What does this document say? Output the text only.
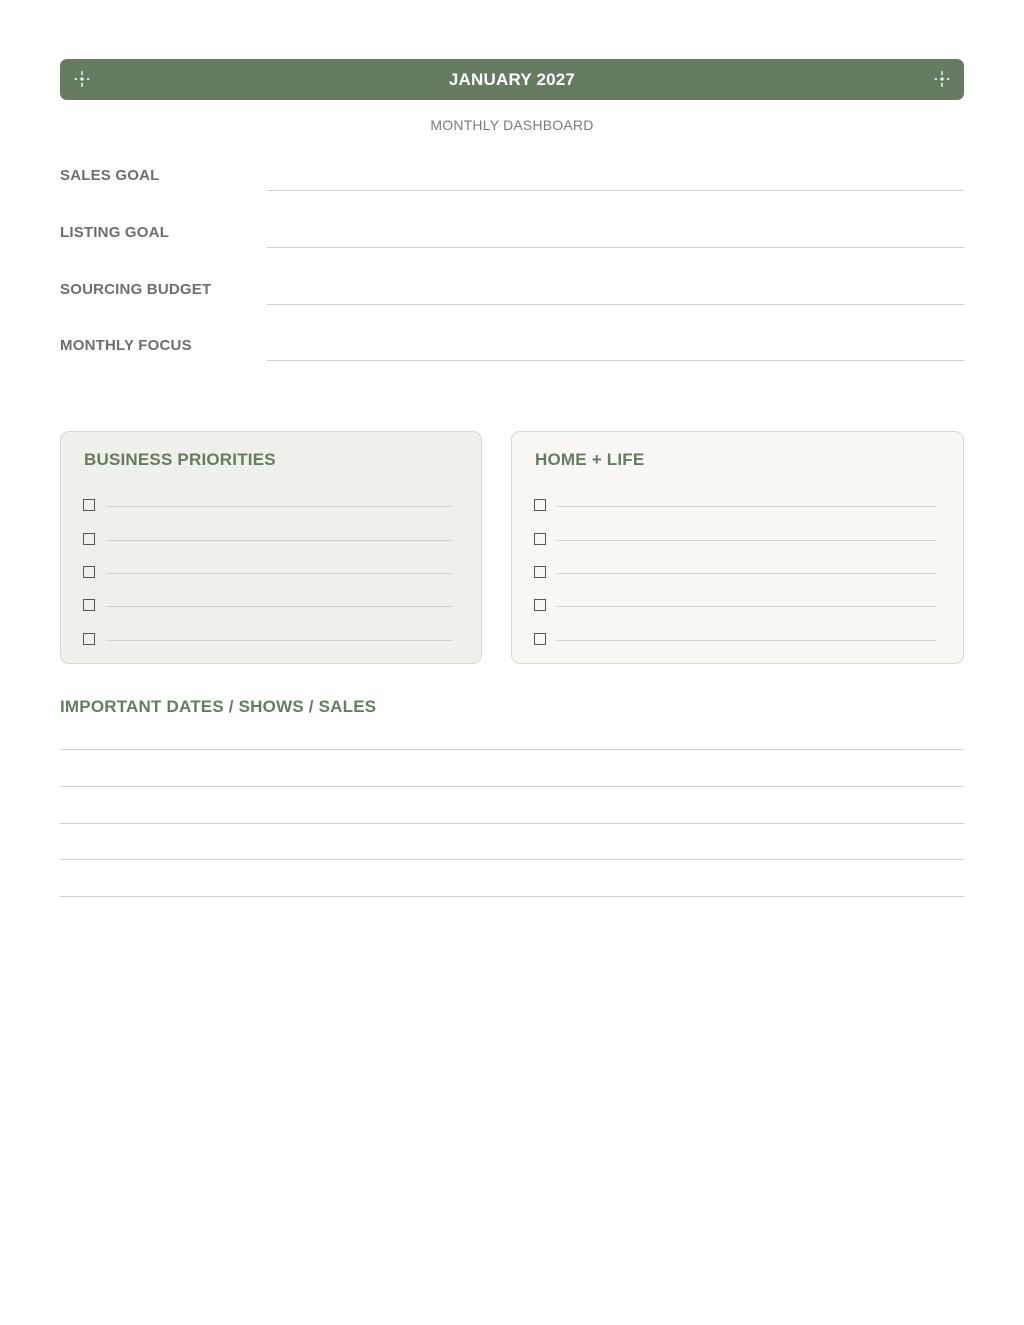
JANUARY 2027
MONTHLY DASHBOARD
SALES GOAL
LISTING GOAL
SOURCING BUDGET
MONTHLY FOCUS
BUSINESS PRIORITIES	HOME + LIFE
IMPORTANT DATES / SHOWS / SALES
